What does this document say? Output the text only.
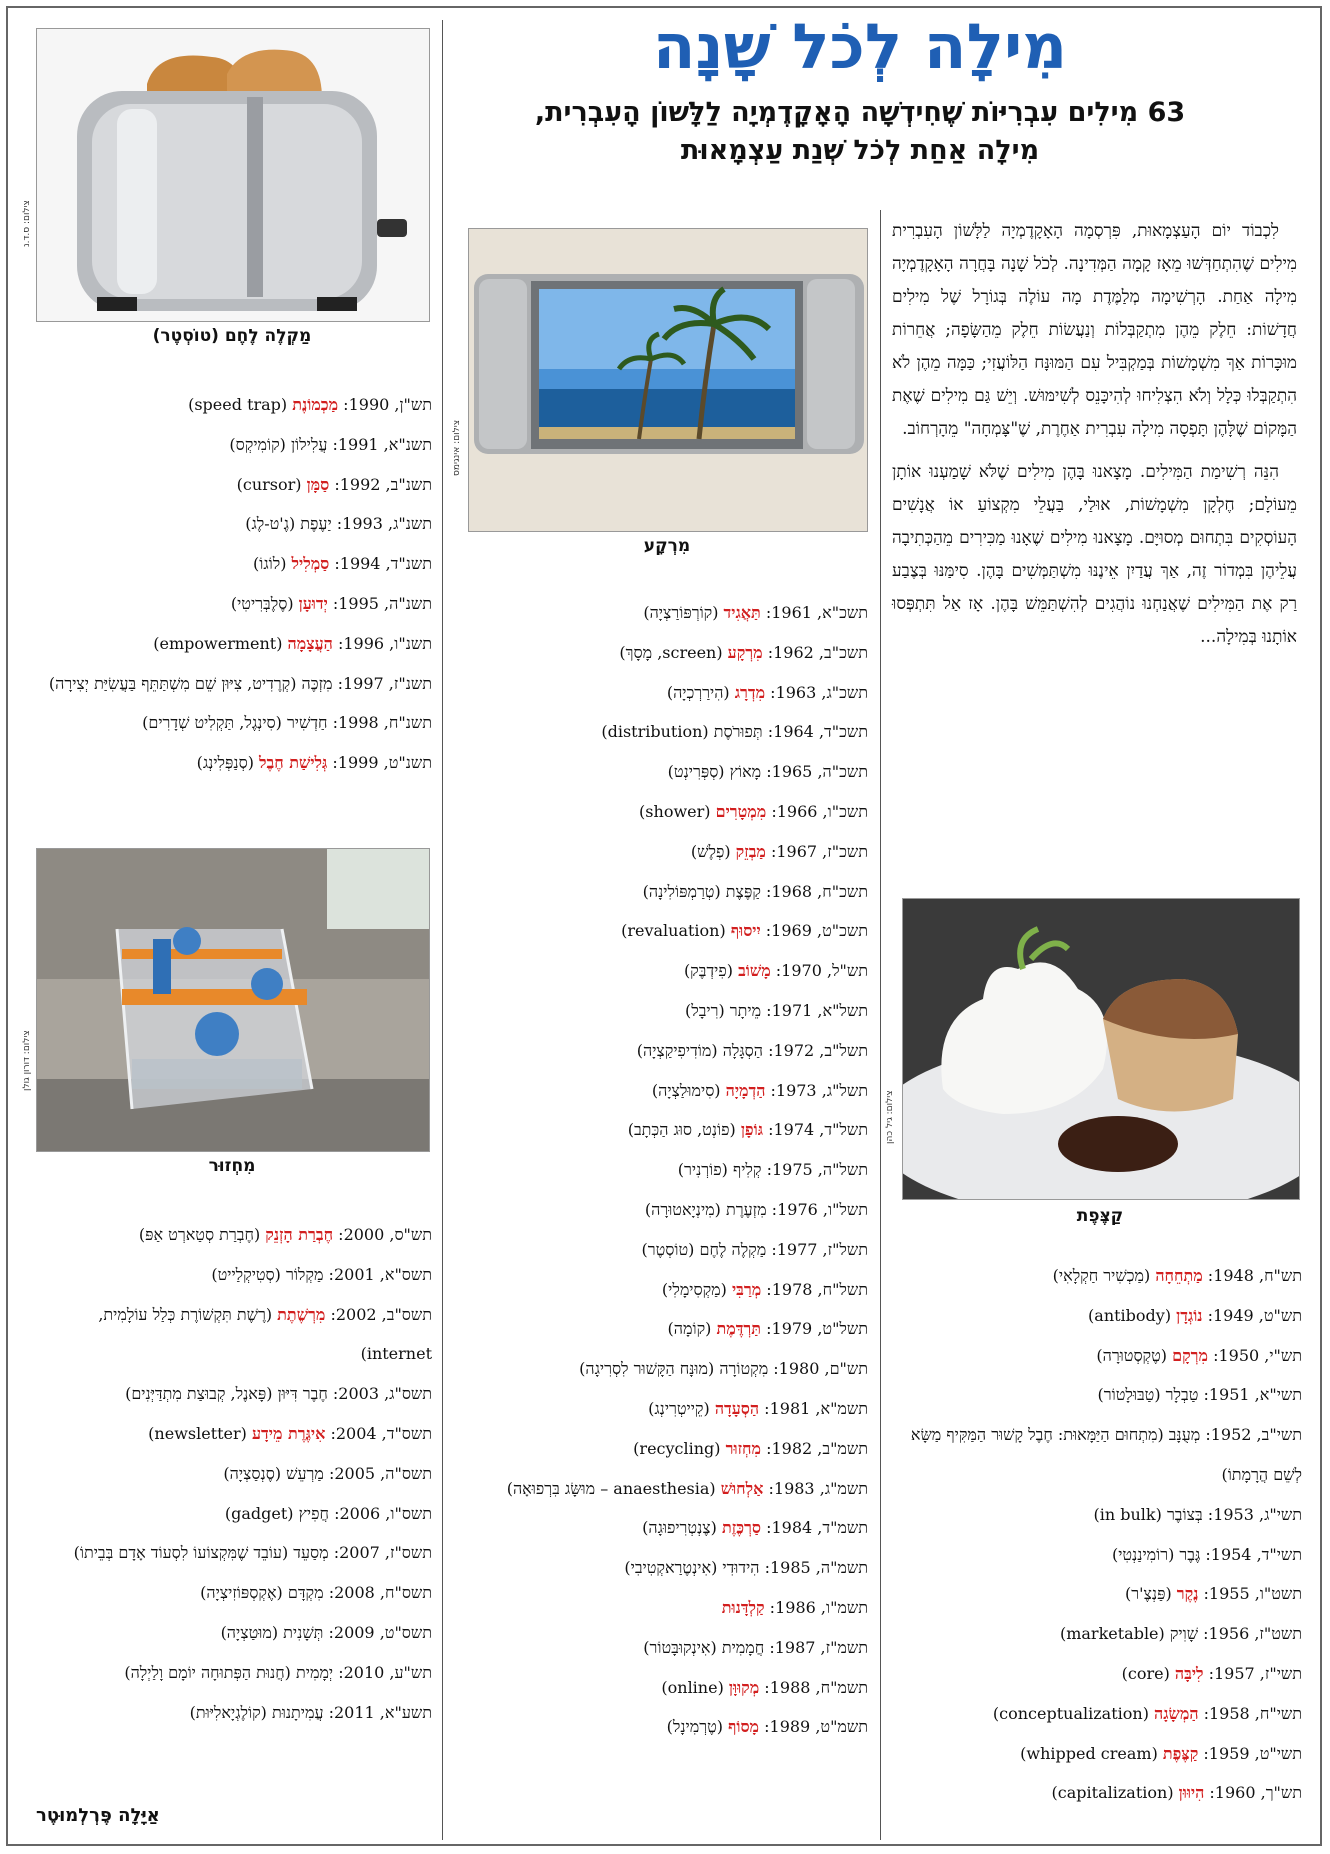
מִילָה לְכֹל שָׁנָה
63 מִילִים עִבְרִיּוֹת שֶׁחִידְשָׁה הָאָקָדֶמְיָה לַלָּשׁוֹן הָעִבְרִית,
מִילָה אַחַת לְכֹל שְׁנַת עַצְמָאוּת

לִכְבוֹד יוֹם הָעַצְמָאוּת, פִּרְסְמָה הָאָקָדֶמְיָה לַלָּשׁוֹן הָעִבְרִית מִילִים שֶׁהִתְחַדְּשׁוּ מֵאָז קָמָה הַמְּדִינָה. לְכֹל שָׁנָה בָּחֲרָה הָאָקָדֶמְיָה מִילָה אַחַת. הָרְשִׁימָה מְלַמֶּדֶת מָה עוֹלֶה בְּגוֹרָל שֶׁל מִילִים חֲדָשׁוֹת: חֵלֶק מֵהֶן מִתְקַבְּלוֹת וְנַעֲשׂוֹת חֵלֶק מֵהַשָּׂפָה; אֲחֵרוֹת מוּכָּרוֹת אַךְ מִשְׁמָשׁוֹת בְּמַקְבִּיל עִם הַמּוּנָּח הַלּוֹעֲזִי; כַּמָּה מֵהֶן לֹא הִתְקַבְּלוּ כְּלָל וְלֹא הִצְלִיחוּ לְהִיכָּנֵס לְשִׁימּוּשׁ. וְיֵשׁ גַּם מִילִים שֶׁאֶת הַמָּקוֹם שֶׁלָּהֶן תָּפְסָה מִילָה עִבְרִית אַחֶרֶת, שֶׁ"צָּמְחָה" מֵהָרְחוֹב.

הִנֵּה רְשִׁימַת הַמִּילִים. מָצָאנוּ בָּהֶן מִילִים שֶׁלֹּא שָׁמַעְנוּ אוֹתָן מֵעוֹלָם; חֶלְקָן מִשְׁמָשׁוֹת, אוּלַי, בַּעֲלֵי מִקְצוֹעַ אוֹ אֲנָשִׁים הָעוֹסְקִים בִּתְחוּם מְסוּיָּם. מָצָאנוּ מִילִים שֶׁאָנוּ מַכִּירִים מֵהַכְּתִיבָה עֲלֵיהֶן בִּמְדוֹר זֶה, אַךְ עֲדַיִן אֵינֶנּוּ מִשְׁתַּמְּשִׁים בָּהֶן. סִימַּנּוּ בְּצֶבַע רַק אֶת הַמִּילִים שֶׁאֲנַחְנוּ נוֹהֲגִים לְהִשְׁתַּמֵּשׁ בָּהֶן. אָז אַל תִּתְפְּסוּ אוֹתָנוּ בְּמִילָה...

צילום: ס.ד.נ
מַקְלֶה לֶחֶם (טוֹסְטֶר)
צילום: אינגימס
מִרְקָע
צילום: דורון גולן
מִחְזוּר
צילום: גיל כהן
קַצֶּפֶת
תש"ח, 1948: מַתְחֵחָה (מַכְשִׁיר חַקְלָאִי)
תש"ט, 1949: נוֹגְדָן (antibody)
תש"י, 1950: מִרְקָם (טֶקְסְטוּרָה)
תשי"א, 1951: טַבְלָר (טַבּוּלָטוֹר)
תשי"ב, 1952: מְעֻנָּב (מִתְחוּם הַיַּמָּאוּת: חֶבֶל קָשׁוּר הַמַּקִּיף מַשָּׂא לְשֵׁם הֲרָמָתוֹ)
תשי"ג, 1953: בְּצוֹבֶר (in bulk)
תשי"ד, 1954: גֶּבֶר (רוֹמִינַנְטִי)
תשט"ו, 1955: נֶקֶר (פַּנְצֶ'ר)
תשט"ז, 1956: שָׁוִיק (marketable)
תשי"ז, 1957: לִיבָּה (core)
תשי"ח, 1958: הַמְשָׂגָה (conceptualization)
תשי"ט, 1959: קַצֶּפֶת (whipped cream)
תש"ך, 1960: הִיוּוּן (capitalization)
תשכ"א, 1961: תַּאֲגִיד (קוֹרְפּוֹרַצְיָה)
תשכ"ב, 1962: מִרְקָע (screen, מָסָךְ)
תשכ"ג, 1963: מִדְרָג (הִירַרְכְיָה)
תשכ"ד, 1964: תְּפוּרֹסֶת (distribution)
תשכ"ה, 1965: מָאוֹץ (סְפְּרִינְט)
תשכ"ו, 1966: מִמְטָרִים (shower)
תשכ"ז, 1967: מַבְזֵק (פְלֶשׁ)
תשכ"ח, 1968: קַפֶּצֶת (טְרַמְפּוֹלִינָה)
תשכ"ט, 1969: יִיסוּף (revaluation)
תש"ל, 1970: מָשׁוֹב (פִידְבֶּק)
תשל"א, 1971: מֵיתָר (רִיבָל)
תשל"ב, 1972: הַסְגָּלָה (מוֹדִיפִיקַצְיָה)
תשל"ג, 1973: הַדְמָיָה (סִימוּלַצְיָה)
תשל"ד, 1974: גּוֹפָן (פוֹנְט, סוּג הַכְּתָב)
תשל"ה, 1975: קְלִיף (פוֹרְנִיר)
תשל"ו, 1976: מִזְעֶרֶת (מִינְיָאטוּרָה)
תשל"ז, 1977: מַקְלֶה לֶחֶם (טוֹסְטֶר)
תשל"ח, 1978: מְרַבִּי (מַקְסִימָלִי)
תשל"ט, 1979: תַּרְדֶּמֶת (קוֹמָה)
תש"ם, 1980: מִקְטוֹרָה (מוּנָּח הַקָּשׁוּר לִסְרִיגָה)
תשמ"א, 1981: הַסְעָדָה (קֵייטְרִינְג)
תשמ"ב, 1982: מִחְזוּר (recycling)
תשמ"ג, 1983: אַלְחוּשׁ (anaesthesia – מוּשָּׂג בִּרְפוּאָה)
תשמ"ד, 1984: סַרְכֶּזֶת (צֶנְטְרִיפוּגָה)
תשמ"ה, 1985: הִידוּדִי (אִינְטֶרַאקְטִיבִי)
תשמ"ו, 1986: קַלְדָּנוּת
תשמ"ז, 1987: חֲמָמִית (אִינְקוּבָּטוֹר)
תשמ"ח, 1988: מְקוּוָּן (online)
תשמ"ט, 1989: מָסוֹף (טֶרְמִינָל)
תש"ן, 1990: מַכְמוֹנֶת (speed trap)
תשנ"א, 1991: עֲלִילוֹן (קוֹמִיקְס)
תשנ"ב, 1992: סַמָּן (cursor)
תשנ"ג, 1993: יַעֶפֶת (גֶ'ט-לֶג)
תשנ"ד, 1994: סַמְלִיל (לוֹגוֹ)
תשנ"ה, 1995: יְדוּעָן (סֶלֶבְּרִיטִי)
תשנ"ו, 1996: הַעֲצָמָה (empowerment)
תשנ"ז, 1997: מִזְכֶּה (קְרֶדִיט, צִיּוּן שֵׁם מִשְׁתַּתֵּף בַּעֲשִׂיַּת יְצִירָה)
תשנ"ח, 1998: חַדְשִׁיר (סִינְגֶל, תַּקְלִיט שְׁדָרִים)
תשנ"ט, 1999: גְּלִישַׁת חֶבֶל (סְנַפְּלִינְג)
תש"ס, 2000: חֶבְרַת הָזְנֵק (חֶבְרַת סְטַארְט אַפּ)
תשס"א, 2001: מַקְלוֹר (סְטִיקְלַייט)
תשס"ב, 2002: מִרְשֶׁתֶת (רֶשֶׁת תִּקְשׁוֹרֶת כְּלַל עוֹלָמִית, internet)
תשס"ג, 2003: חֶבֶר דִּיּוּן (פָּאנֶל, קְבוּצַת מִתְדַּיְּנִים)
תשס"ד, 2004: אִיגֶּרֶת מֵידָע (newsletter)
תשס"ה, 2005: מַרְעֵשׁ (סֶנְסַצְיָה)
תשס"ו, 2006: חֲפִיץ (gadget)
תשס"ז, 2007: מְסַעֵד (עוֹבֵד שֶׁמִּקְצוֹעוֹ לִסְעוֹד אָדָם בְּבֵיתוֹ)
תשס"ח, 2008: מִקְדָּם (אֶקְסְפּוֹזִיצְיָה)
תשס"ט, 2009: תְּשָׁנִית (מוּטַצְיָה)
תש"ע, 2010: יְמָמִית (חֲנוּת הַפְּתוּחָה יוֹמָם וָלַיְלָה)
תשע"א, 2011: עֲמִיתָנוּת (קוֹלֶגְיָאלִיּוּת)
אַיָּלָה פֶּרְלְמוּטֶר
